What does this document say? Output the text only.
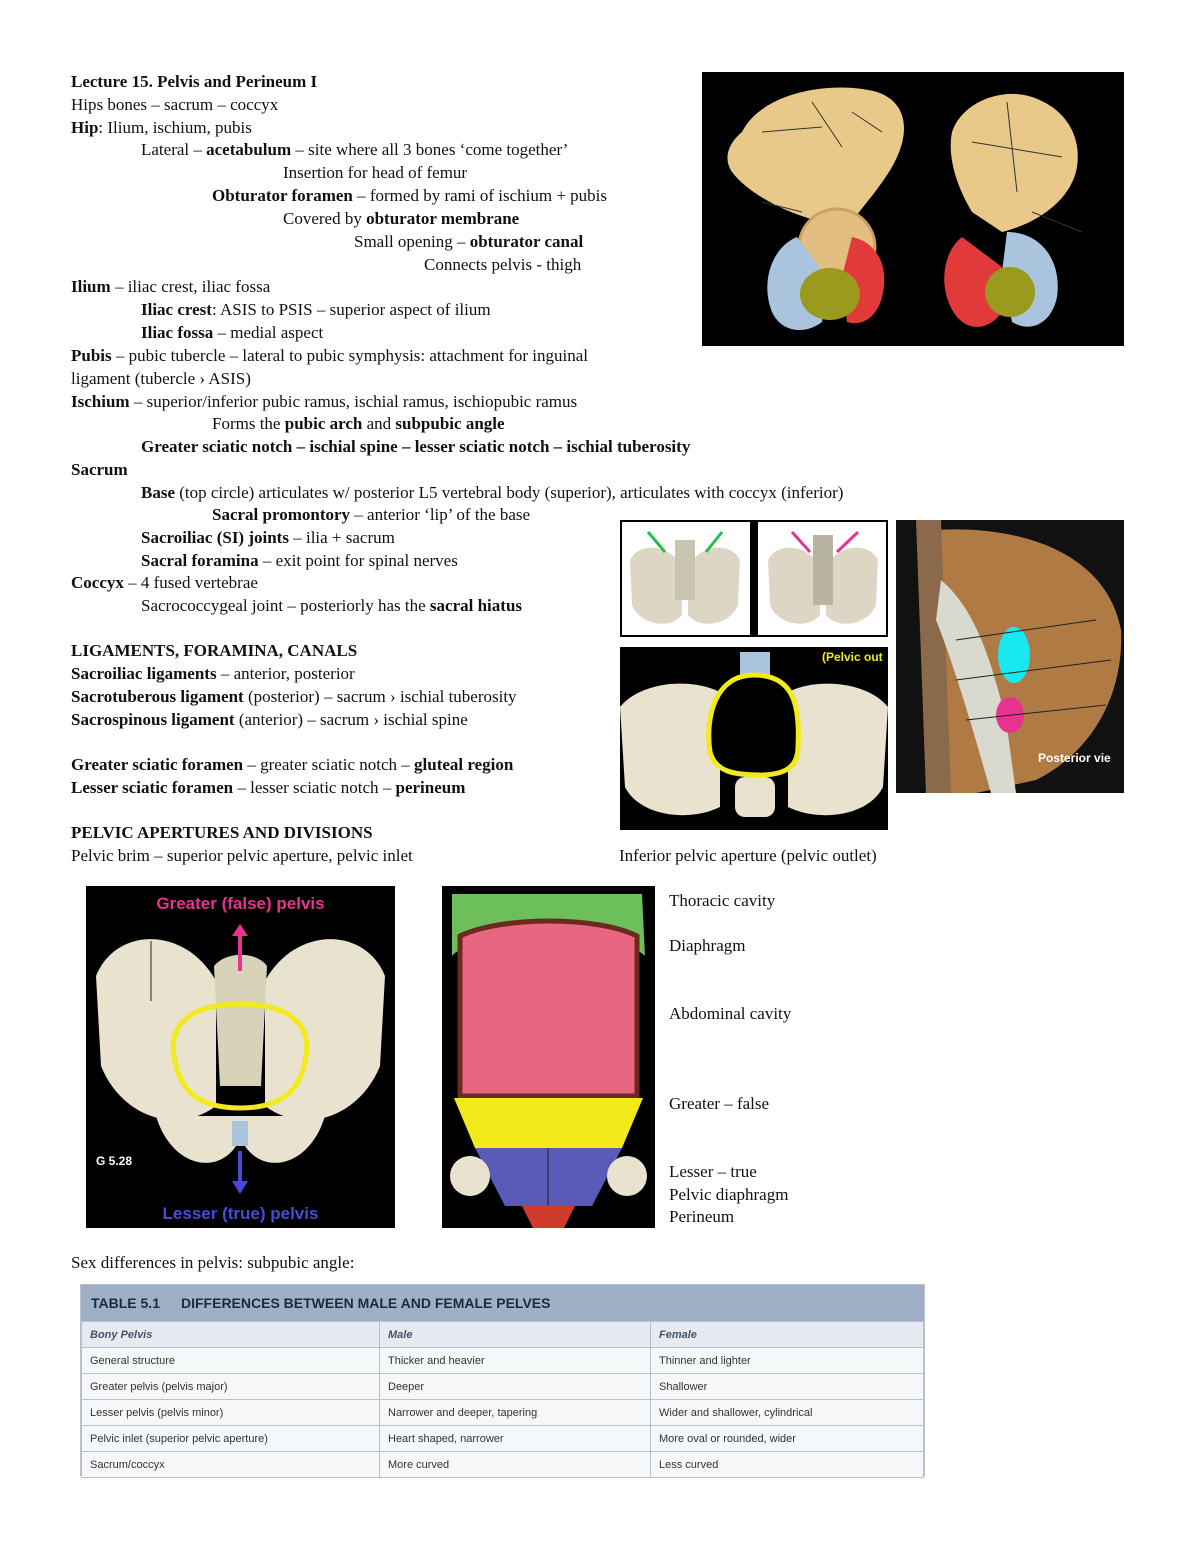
Lecture 15. Pelvis and Perineum I
Hips bones – sacrum – coccyx
Hip: Ilium, ischium, pubis
Lateral – acetabulum – site where all 3 bones ‘come together’
Insertion for head of femur
Obturator foramen – formed by rami of ischium + pubis
Covered by obturator membrane
Small opening – obturator canal
Connects pelvis - thigh
Ilium – iliac crest, iliac fossa
Iliac crest: ASIS to PSIS – superior aspect of ilium
Iliac fossa – medial aspect
Pubis – pubic tubercle – lateral to pubic symphysis: attachment for inguinal
ligament (tubercle › ASIS)
Ischium – superior/inferior pubic ramus, ischial ramus, ischiopubic ramus
Forms the pubic arch and subpubic angle
Greater sciatic notch – ischial spine – lesser sciatic notch – ischial tuberosity
Sacrum
Base (top circle) articulates w/ posterior L5 vertebral body (superior), articulates with coccyx (inferior)
Sacral promontory – anterior ‘lip’ of the base
Sacroiliac (SI) joints – ilia + sacrum
Sacral foramina – exit point for spinal nerves
Coccyx – 4 fused vertebrae
Sacrococcygeal joint – posteriorly has the sacral hiatus
LIGAMENTS, FORAMINA, CANALS
Sacroiliac ligaments – anterior, posterior
Sacrotuberous ligament (posterior) – sacrum › ischial tuberosity
Sacrospinous ligament (anterior) – sacrum › ischial spine
Greater sciatic foramen – greater sciatic notch – gluteal region
Lesser sciatic foramen – lesser sciatic notch – perineum
PELVIC APERTURES AND DIVISIONS
Pelvic brim – superior pelvic aperture, pelvic inlet	Inferior pelvic aperture (pelvic outlet)
(Pelvic out
Posterior vie
Greater (false) pelvis
Lesser (true) pelvis
G 5.28
Thoracic cavity
Diaphragm
Abdominal cavity
Greater – false
Lesser – true
Pelvic diaphragm
Perineum
Sex differences in pelvis: subpubic angle:
TABLE 5.1	DIFFERENCES BETWEEN MALE AND FEMALE PELVES
Bony Pelvis	Male	Female
General structure	Thicker and heavier	Thinner and lighter
Greater pelvis (pelvis major)	Deeper	Shallower
Lesser pelvis (pelvis minor)	Narrower and deeper, tapering	Wider and shallower, cylindrical
Pelvic inlet (superior pelvic aperture)	Heart shaped, narrower	More oval or rounded, wider
Sacrum/coccyx	More curved	Less curved
